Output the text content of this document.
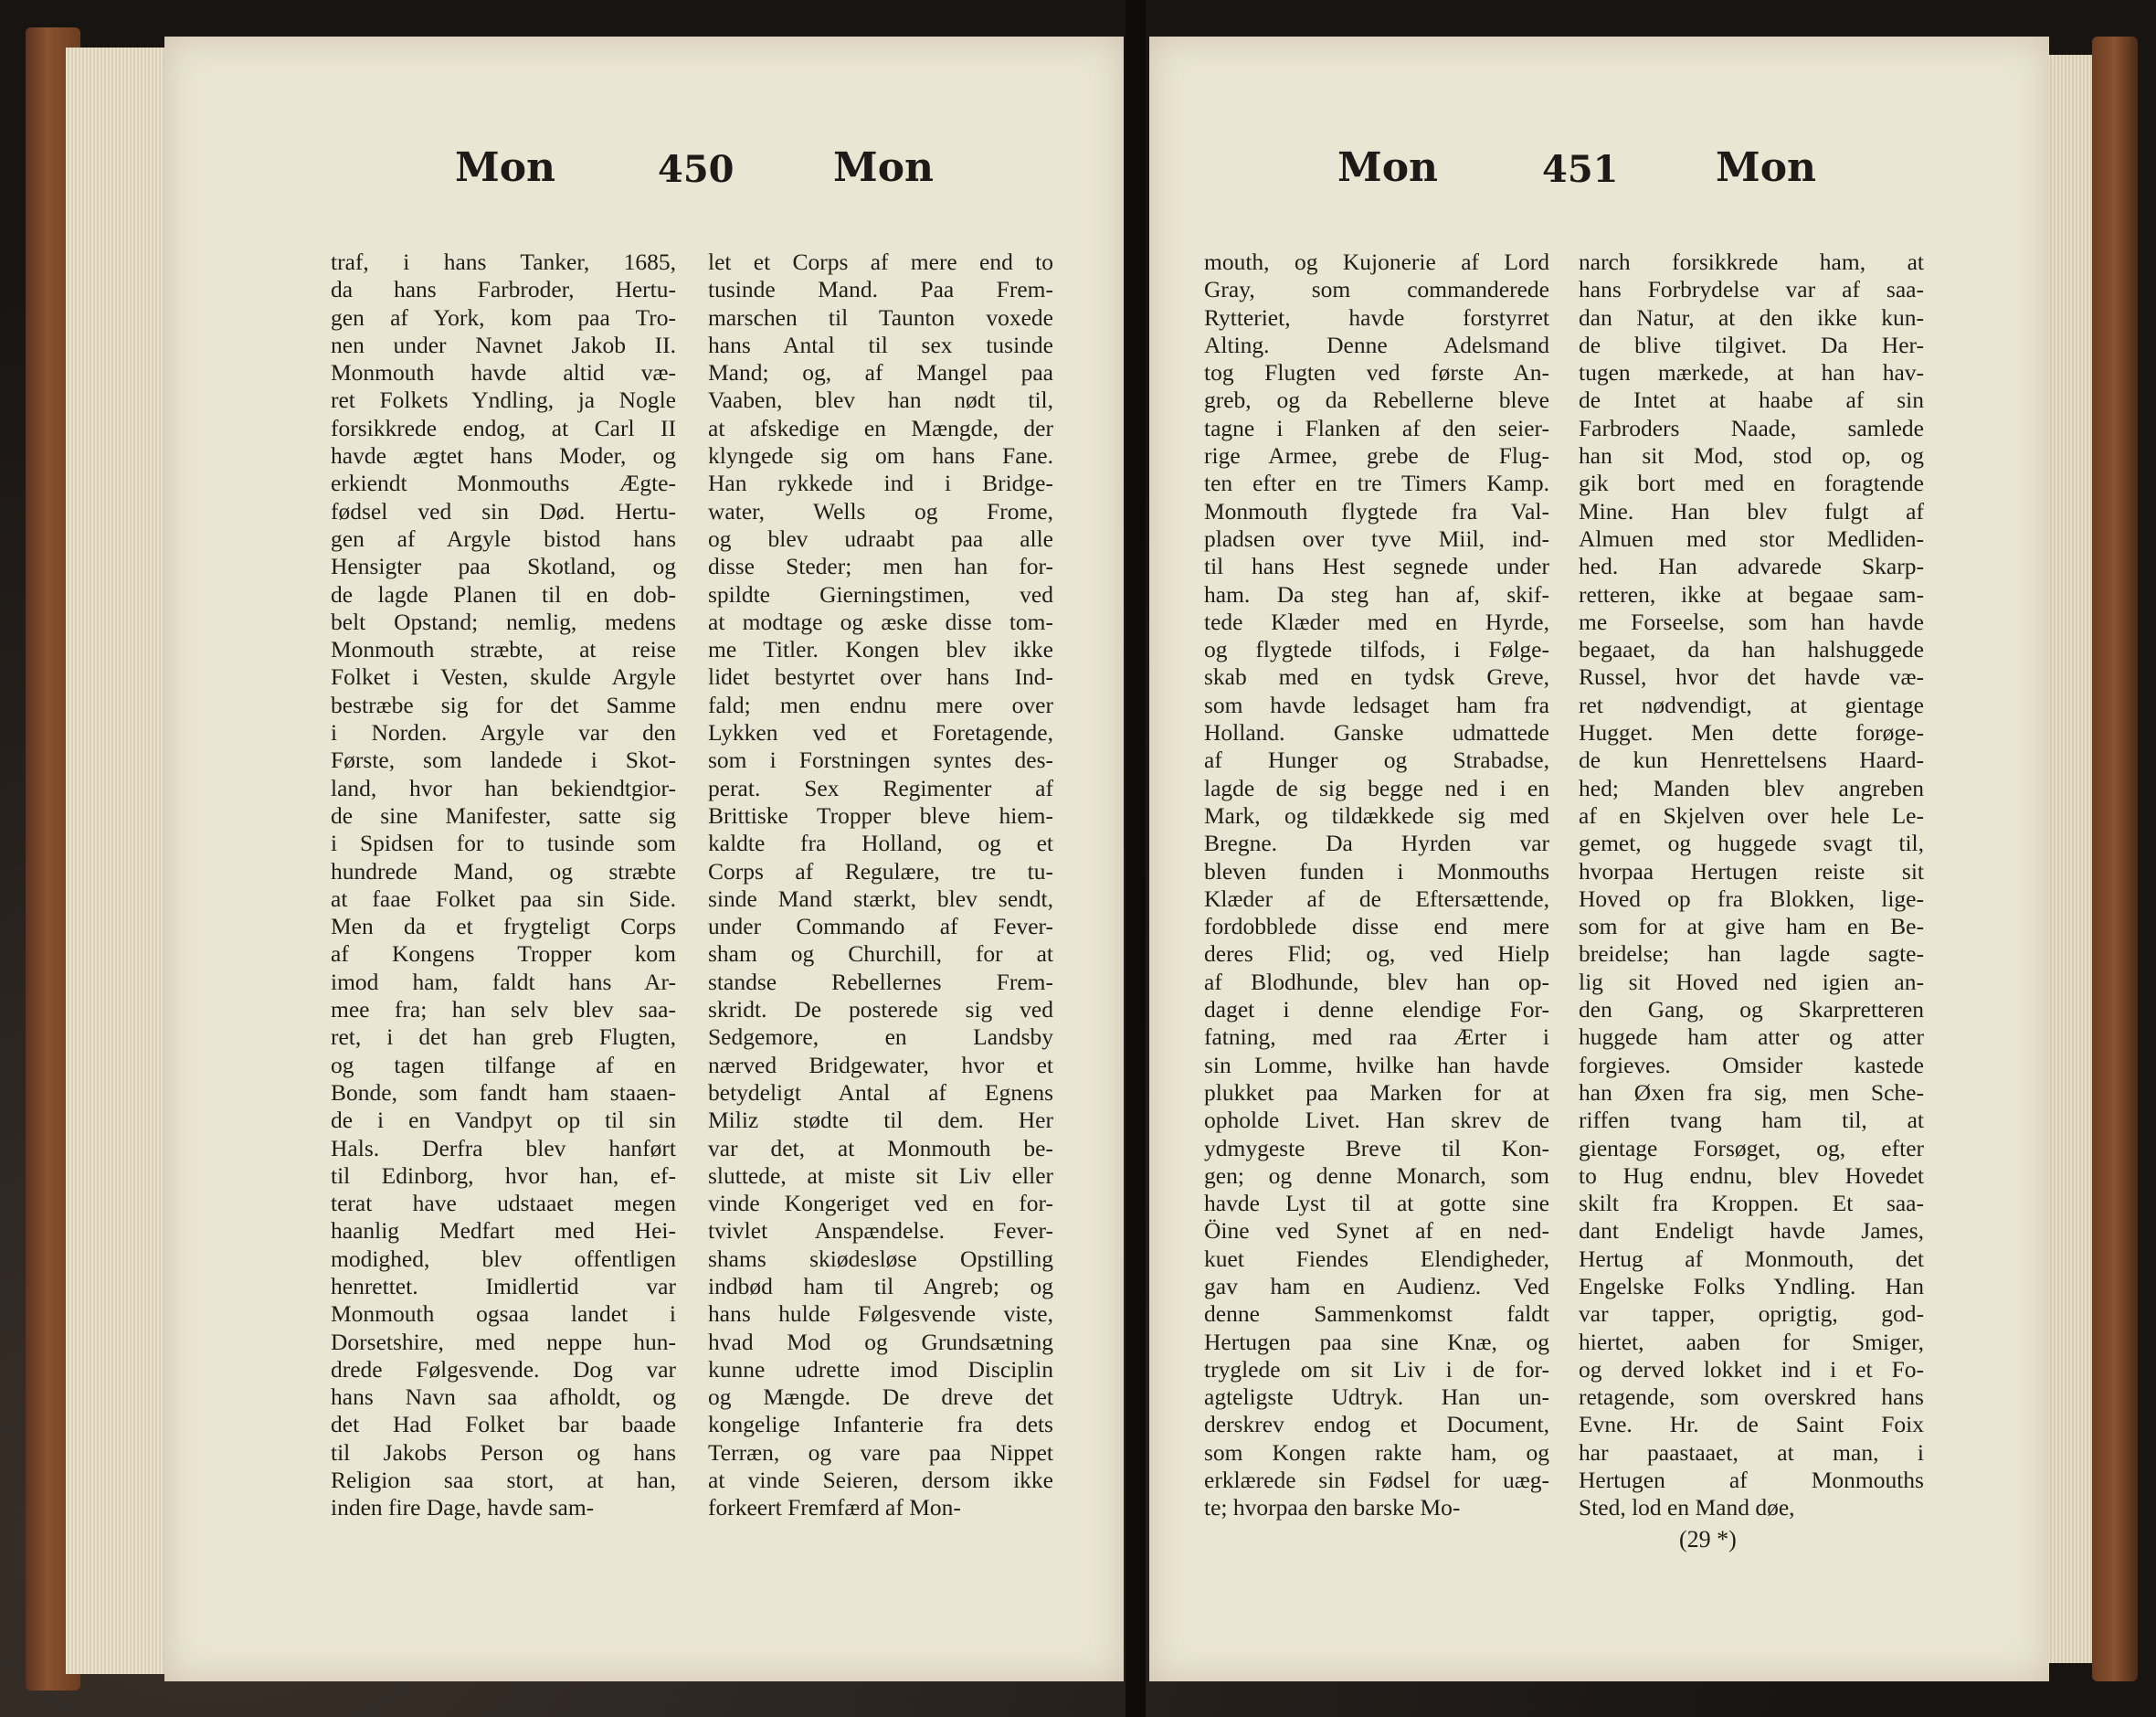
Mon	450 Mon
traf, i hans Tanker, 1685,
da hans Farbroder, Hertu-
gen af York, kom paa Tro-
nen under Navnet Jakob II.
Monmouth havde altid væ-
ret Folkets Yndling, ja Nogle
forsikkrede endog, at Carl II
havde ægtet hans Moder, og
erkiendt Monmouths Ægte-
fødsel ved sin Død. Hertu-
gen af Argyle bistod hans
Hensigter paa Skotland, og
de lagde Planen til en dob-
belt Opstand; nemlig, medens
Monmouth stræbte, at reise
Folket i Vesten, skulde Argyle
bestræbe sig for det Samme
i Norden. Argyle var den
Første, som landede i Skot-
land, hvor han bekiendtgior-
de sine Manifester, satte sig
i Spidsen for to tusinde som
hundrede Mand, og stræbte
at faae Folket paa sin Side.
Men da et frygteligt Corps
af Kongens Tropper kom
imod ham, faldt hans Ar-
mee fra; han selv blev saa-
ret, i det han greb Flugten,
og tagen tilfange af en
Bonde, som fandt ham staaen-
de i en Vandpyt op til sin
Hals. Derfra blev hanført
til Edinborg, hvor han, ef-
terat have udstaaet megen
haanlig Medfart med Hei-
modighed, blev offentligen
henrettet. Imidlertid var
Monmouth ogsaa landet i
Dorsetshire, med neppe hun-
drede Følgesvende. Dog var
hans Navn saa afholdt, og
det Had Folket bar baade
til Jakobs Person og hans
Religion saa stort, at han,
inden fire Dage, havde sam-
let et Corps af mere end to
tusinde Mand. Paa Frem-
marschen til Taunton voxede
hans Antal til sex tusinde
Mand; og, af Mangel paa
Vaaben, blev han nødt til,
at afskedige en Mængde, der
klyngede sig om hans Fane.
Han rykkede ind i Bridge-
water, Wells og Frome,
og blev udraabt paa alle
disse Steder; men han for-
spildte Gierningstimen, ved
at modtage og æske disse tom-
me Titler. Kongen blev ikke
lidet bestyrtet over hans Ind-
fald; men endnu mere over
Lykken ved et Foretagende,
som i Forstningen syntes des-
perat. Sex Regimenter af
Brittiske Tropper bleve hiem-
kaldte fra Holland, og et
Corps af Regulære, tre tu-
sinde Mand stærkt, blev sendt,
under Commando af Fever-
sham og Churchill, for at
standse Rebellernes Frem-
skridt. De posterede sig ved
Sedgemore, en Landsby
nærved Bridgewater, hvor et
betydeligt Antal af Egnens
Miliz stødte til dem. Her
var det, at Monmouth be-
sluttede, at miste sit Liv eller
vinde Kongeriget ved en for-
tvivlet Anspændelse. Fever-
shams skiødesløse Opstilling
indbød ham til Angreb; og
hans hulde Følgesvende viste,
hvad Mod og Grundsætning
kunne udrette imod Disciplin
og Mængde. De drevе det
kongelige Infanterie fra dets
Terræn, og vare paa Nippet
at vinde Seieren, dersom ikke
forkeert Fremfærd af Mon-
Mon	451 Mon
mouth, og Kujonerie af Lord
Gray, som commanderede
Rytteriet, havde forstyrret
Alting. Denne Adelsmand
tog Flugten ved første An-
greb, og da Rebellerne bleve
tagne i Flanken af den seier-
rige Armee, grebe de Flug-
ten efter en tre Timers Kamp.
Monmouth flygtede fra Val-
pladsen over tyve Miil, ind-
til hans Hest segnede under
ham. Da steg han af, skif-
tede Klæder med en Hyrde,
og flygtede tilfods, i Følge-
skab med en tydsk Greve,
som havde ledsaget ham fra
Holland. Ganske udmattede
af Hunger og Strabadse,
lagde de sig begge ned i en
Mark, og tildækkede sig med
Bregne. Da Hyrden var
bleven funden i Monmouths
Klæder af de Eftersættende,
fordobblede disse end mere
deres Flid; og, ved Hielp
af Blodhunde, blev han op-
daget i denne elendige For-
fatning, med raa Ærter i
sin Lomme, hvilke han havde
plukket paa Marken for at
opholde Livet. Han skrev de
ydmygeste Breve til Kon-
gen; og denne Monarch, som
havde Lyst til at gotte sine
Öine ved Synet af en ned-
kuet Fiendes Elendigheder,
gav ham en Audienz. Ved
denne Sammenkomst faldt
Hertugen paa sine Knæ, og
tryglede om sit Liv i de for-
agteligste Udtryk. Han un-
derskrev endog et Document,
som Kongen rakte ham, og
erklærede sin Fødsel for uæg-
te; hvorpaa den barske Mo-
narch forsikkrede ham, at
hans Forbrydelse var af saa-
dan Natur, at den ikke kun-
de blive tilgivet. Da Her-
tugen mærkede, at han hav-
de Intet at haabe af sin
Farbroders Naade, samlede
han sit Mod, stod op, og
gik bort med en foragtende
Mine. Han blev fulgt af
Almuen med stor Medliden-
hed. Han advarede Skarp-
retteren, ikke at begaae sam-
me Forseelse, som han havde
begaaet, da han halshuggede
Russel, hvor det havde væ-
ret nødvendigt, at gientage
Hugget. Men dette forøge-
de kun Henrettelsens Haard-
hed; Manden blev angreben
af en Skjelven over hele Le-
gemet, og huggede svagt til,
hvorpaa Hertugen reiste sit
Hoved op fra Blokken, lige-
som for at give ham en Be-
breidelse; han lagde sagte-
lig sit Hoved ned igien an-
den Gang, og Skarpretteren
huggede ham atter og atter
forgieves. Omsider kastede
han Øxen fra sig, men Sche-
riffen tvang ham til, at
gientage Forsøget, og, efter
to Hug endnu, blev Hovedet
skilt fra Kroppen. Et saa-
dant Endeligt havde James,
Hertug af Monmouth, det
Engelske Folks Yndling. Han
var tapper, oprigtig, god-
hiertet, aaben for Smiger,
og derved lokket ind i et Fo-
retagende, som overskred hans
Evne. Hr. de Saint Foix
har paastaaet, at man, i
Hertugen af Monmouths
Sted, lod en Mand døe,
(29 *)
